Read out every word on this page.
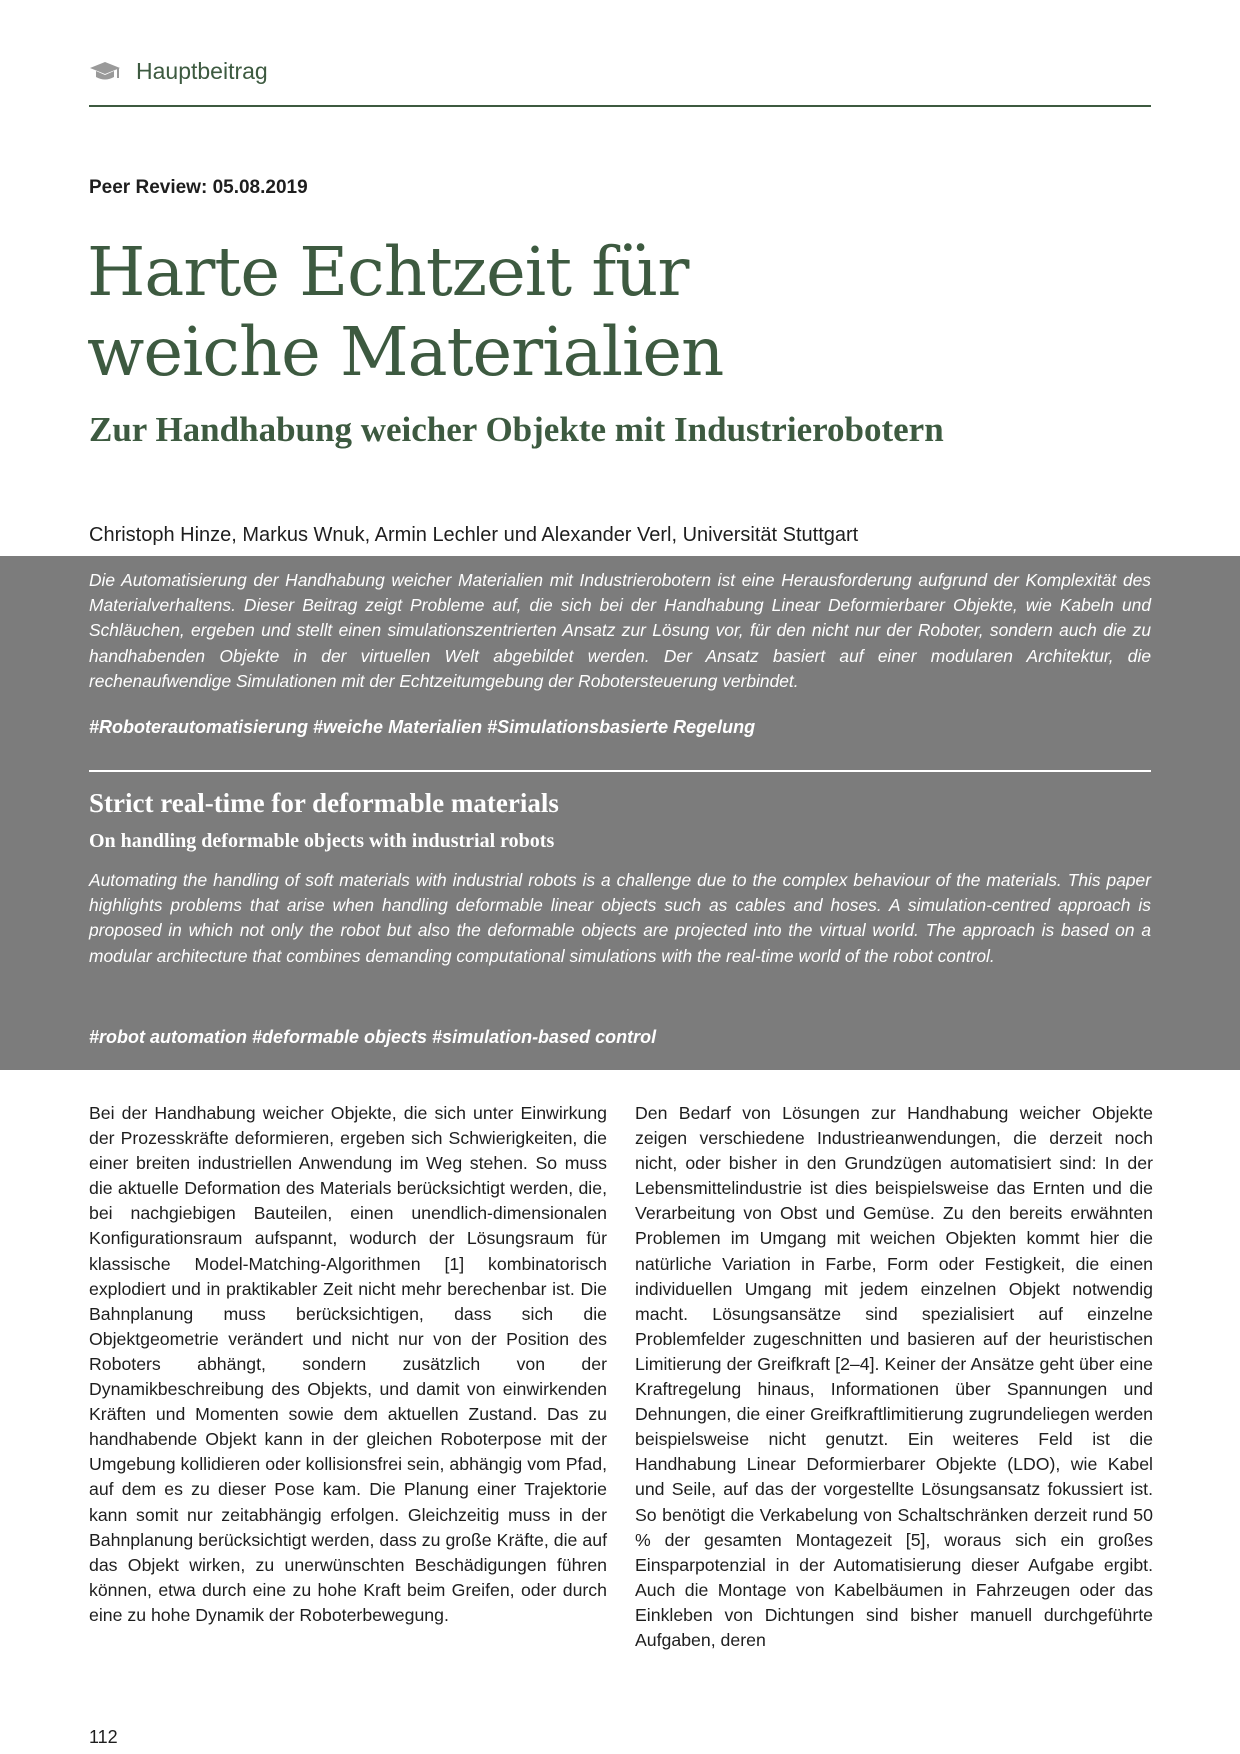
Hauptbeitrag
Peer Review: 05.08.2019
Harte Echtzeit für
weiche Materialien
Zur Handhabung weicher Objekte mit Industrierobotern
Christoph Hinze, Markus Wnuk, Armin Lechler und Alexander Verl, Universität Stuttgart

Die Automatisierung der Handhabung weicher Materialien mit Industrierobotern ist eine Herausforderung aufgrund der Komplexität des Materialverhaltens. Dieser Beitrag zeigt Probleme auf, die sich bei der Handhabung Linear Deformierbarer Objekte, wie Kabeln und Schläuchen, ergeben und stellt einen simulationszentrierten Ansatz zur Lösung vor, für den nicht nur der Roboter, sondern auch die zu handhabenden Objekte in der virtuellen Welt abgebildet werden. Der Ansatz basiert auf einer modularen Architektur, die rechenaufwendige Simulationen mit der Echtzeitumgebung der Robotersteuerung verbindet.

#Roboterautomatisierung #weiche Materialien #Simulationsbasierte Regelung
Strict real-time for deformable materials
On handling deformable objects with industrial robots

Automating the handling of soft materials with industrial robots is a challenge due to the complex behaviour of the materials. This paper highlights problems that arise when handling deformable linear objects such as cables and hoses. A simulation-centred approach is proposed in which not only the robot but also the deformable objects are projected into the virtual world. The approach is based on a modular architecture that combines demanding computational simulations with the real-time world of the robot control.

#robot automation #deformable objects #simulation-based control

Bei der Handhabung weicher Objekte, die sich unter Einwirkung der Prozesskräfte deformieren, ergeben sich Schwierigkeiten, die einer breiten industriellen Anwendung im Weg stehen. So muss die aktuelle Deformation des Materials berücksichtigt werden, die, bei nachgiebigen Bauteilen, einen unendlich-dimensionalen Konfigurationsraum aufspannt, wodurch der Lösungsraum für klassische Model-Matching-Algorithmen [1] kombinatorisch explodiert und in praktikabler Zeit nicht mehr berechenbar ist. Die Bahnplanung muss berücksichtigen, dass sich die Objektgeometrie verändert und nicht nur von der Position des Roboters abhängt, sondern zusätzlich von der Dynamikbeschreibung des Objekts, und damit von einwirkenden Kräften und Momenten sowie dem aktuellen Zustand. Das zu handhabende Objekt kann in der gleichen Roboterpose mit der Umgebung kollidieren oder kollisionsfrei sein, abhängig vom Pfad, auf dem es zu dieser Pose kam. Die Planung einer Trajektorie kann somit nur zeitabhängig erfolgen. Gleichzeitig muss in der Bahnplanung berücksichtigt werden, dass zu große Kräfte, die auf das Objekt wirken, zu unerwünschten Beschädigungen führen können, etwa durch eine zu hohe Kraft beim Greifen, oder durch eine zu hohe Dynamik der Roboterbewegung.

Den Bedarf von Lösungen zur Handhabung weicher Objekte zeigen verschiedene Industrieanwendungen, die derzeit noch nicht, oder bisher in den Grundzügen automatisiert sind: In der Lebensmittelindustrie ist dies beispielsweise das Ernten und die Verarbeitung von Obst und Gemüse. Zu den bereits erwähnten Problemen im Umgang mit weichen Objekten kommt hier die natürliche Variation in Farbe, Form oder Festigkeit, die einen individuellen Umgang mit jedem einzelnen Objekt notwendig macht. Lösungsansätze sind spezialisiert auf einzelne Problemfelder zugeschnitten und basieren auf der heuristischen Limitierung der Greifkraft [2–4]. Keiner der Ansätze geht über eine Kraftregelung hinaus, Informationen über Spannungen und Dehnungen, die einer Greifkraftlimitierung zugrundeliegen werden beispielsweise nicht genutzt. Ein weiteres Feld ist die Handhabung Linear Deformierbarer Objekte (LDO), wie Kabel und Seile, auf das der vorgestellte Lösungsansatz fokussiert ist. So benötigt die Verkabelung von Schaltschränken derzeit rund 50 % der gesamten Montagezeit [5], woraus sich ein großes Einsparpotenzial in der Automatisierung dieser Aufgabe ergibt. Auch die Montage von Kabelbäumen in Fahrzeugen oder das Einkleben von Dichtungen sind bisher manuell durchgeführte Aufgaben, deren

112
